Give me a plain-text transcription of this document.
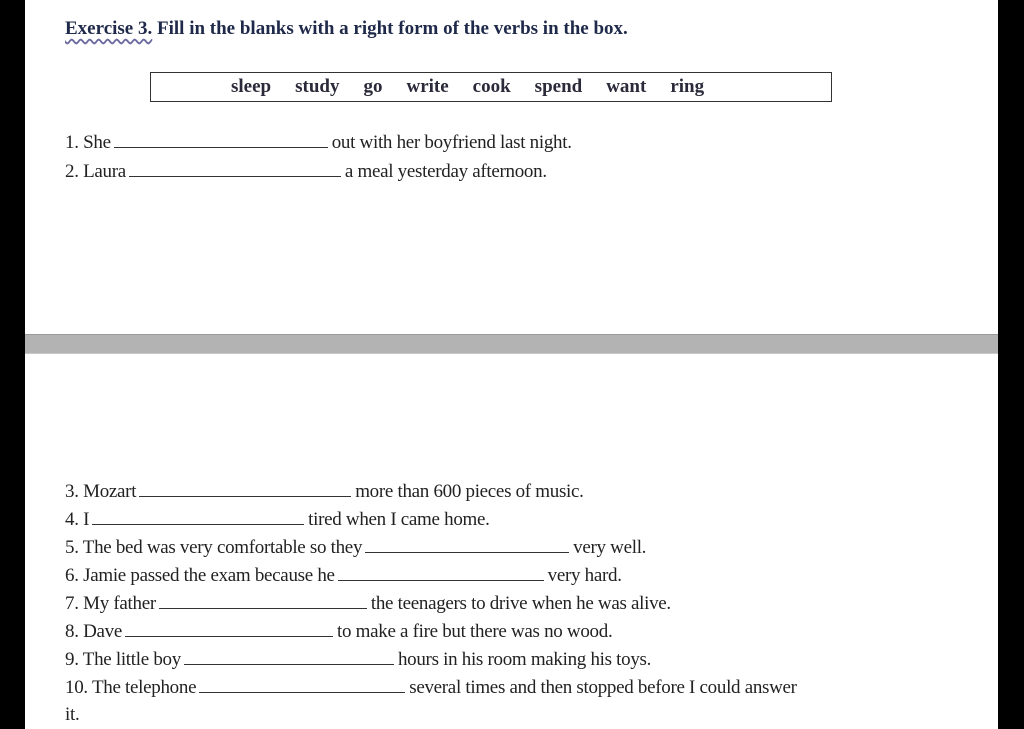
Exercise 3. Fill in the blanks with a right form of the verbs in the box.
sleep study go write cook spend want ring
1. She	out with her boyfriend last night.
2. Laura	a meal yesterday afternoon.
3. Mozart	more than 600 pieces of music.
4. I	tired when I came home.
5. The bed was very comfortable so they	very well.
6. Jamie passed the exam because he	very hard.
7. My father	the teenagers to drive when he was alive.
8. Dave	to make a fire but there was no wood.
9. The little boy	hours in his room making his toys.
10. The telephone	several times and then stopped before I could answer
it.
